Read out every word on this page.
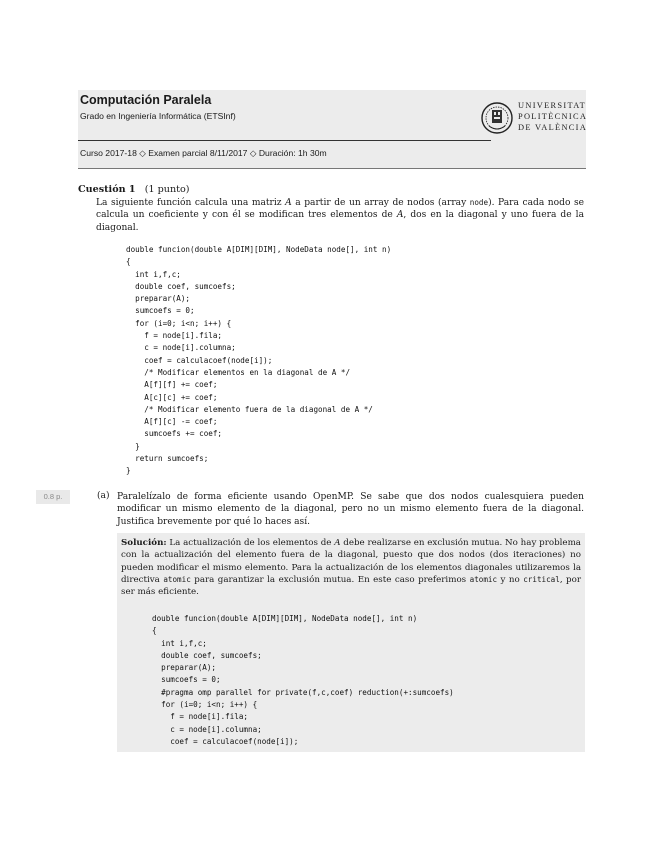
Computación Paralela
Grado en Ingeniería Informática (ETSInf)
Curso 2017-18 ◇ Examen parcial 8/11/2017 ◇ Duración: 1h 30m
UNIVERSITAT
POLITÈCNICA
DE VALÈNCIA
Cuestión 1 (1 punto)
La siguiente función calcula una matriz A a partir de un array de nodos (array node). Para cada nodo se calcula un coeficiente y con él se modifican tres elementos de A, dos en la diagonal y uno fuera de la diagonal.
double funcion(double A[DIM][DIM], NodeData node[], int n)
{
int i,f,c;
double coef, sumcoefs;
preparar(A);
sumcoefs = 0;
for (i=0; i<n; i++) {
f = node[i].fila;
c = node[i].columna;
coef = calculacoef(node[i]);
/* Modificar elementos en la diagonal de A */
A[f][f] += coef;
A[c][c] += coef;
/* Modificar elemento fuera de la diagonal de A */
A[f][c] -= coef;
sumcoefs += coef;
}
return sumcoefs;
}
0.8 p.	(a) Paralelízalo de forma eficiente usando OpenMP. Se sabe que dos nodos cualesquiera pueden modificar un mismo elemento de la diagonal, pero no un mismo elemento fuera de la diagonal. Justifica brevemente por qué lo haces así.
Solución: La actualización de los elementos de A debe realizarse en exclusión mutua. No hay problema con la actualización del elemento fuera de la diagonal, puesto que dos nodos (dos iteraciones) no pueden modificar el mismo elemento. Para la actualización de los elementos diagonales utilizaremos la directiva atomic para garantizar la exclusión mutua. En este caso preferimos atomic y no critical, por ser más eficiente.
double funcion(double A[DIM][DIM], NodeData node[], int n)
{
int i,f,c;
double coef, sumcoefs;
preparar(A);
sumcoefs = 0;
#pragma omp parallel for private(f,c,coef) reduction(+:sumcoefs)
for (i=0; i<n; i++) {
f = node[i].fila;
c = node[i].columna;
coef = calculacoef(node[i]);
